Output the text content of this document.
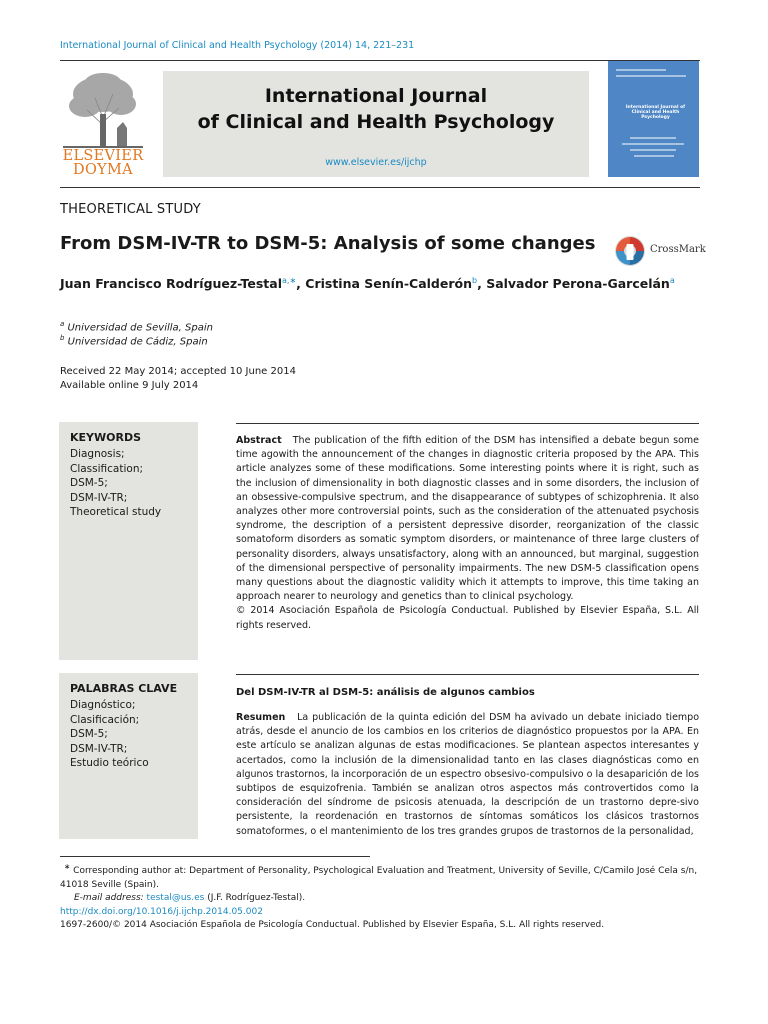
International Journal of Clinical and Health Psychology (2014) 14, 221–231
ELSEVIER
DOYMA
International Journal
of Clinical and Health Psychology
www.elsevier.es/ijchp
International Journal of Clinical and Health Psychology
THEORETICAL STUDY
From DSM-IV-TR to DSM-5: Analysis of some changes	CrossMark
Juan Francisco Rodríguez-Testal$^{a,∗}$, Cristina Senín-Calderón$^b$, Salvador Perona-Garcelán$^a$
$^a$ Universidad de Sevilla, Spain
$^b$ Universidad de Cádiz, Spain
Received 22 May 2014; accepted 10 June 2014
Available online 9 July 2014
KEYWORDS
Diagnosis;
Classification;
DSM-5;
DSM-IV-TR;
Theoretical study
Abstract The publication of the fifth edition of the DSM has intensified a debate begun some time agowith the announcement of the changes in diagnostic criteria proposed by the APA. This article analyzes some of these modifications. Some interesting points where it is right, such as the inclusion of dimensionality in both diagnostic classes and in some disorders, the inclusion of an obsessive-compulsive spectrum, and the disappearance of subtypes of schizophrenia. It also analyzes other more controversial points, such as the consideration of the attenuated psychosis syndrome, the description of a persistent depressive disorder, reorganization of the classic somatoform disorders as somatic symptom disorders, or maintenance of three large clusters of personality disorders, always unsatisfactory, along with an announced, but marginal, suggestion of the dimensional perspective of personality impairments. The new DSM-5 classification opens many questions about the diagnostic validity which it attempts to improve, this time taking an approach nearer to neurology and genetics than to clinical psychology.
© 2014 Asociación Española de Psicología Conductual. Published by Elsevier España, S.L. All rights reserved.
PALABRAS CLAVE
Diagnóstico;
Clasificación;
DSM-5;
DSM-IV-TR;
Estudio teórico
Del DSM-IV-TR al DSM-5: análisis de algunos cambios
Resumen La publicación de la quinta edición del DSM ha avivado un debate iniciado tiempo atrás, desde el anuncio de los cambios en los criterios de diagnóstico propuestos por la APA. En este artículo se analizan algunas de estas modificaciones. Se plantean aspectos interesantes y acertados, como la inclusión de la dimensionalidad tanto en las clases diagnósticas como en algunos trastornos, la incorporación de un espectro obsesivo-compulsivo o la desaparición de los subtipos de esquizofrenia. También se analizan otros aspectos más controvertidos como la consideración del síndrome de psicosis atenuada, la descripción de un trastorno depre-sivo persistente, la reordenación en trastornos de síntomas somáticos los clásicos trastornos somatoformes, o el mantenimiento de los tres grandes grupos de trastornos de la personalidad,
∗ Corresponding author at: Department of Personality, Psychological Evaluation and Treatment, University of Seville, C/Camilo José Cela s/n, 41018 Seville (Spain).
E-mail address: testal@us.es (J.F. Rodríguez-Testal).
http://dx.doi.org/10.1016/j.ijchp.2014.05.002
1697-2600/© 2014 Asociación Española de Psicología Conductual. Published by Elsevier España, S.L. All rights reserved.
